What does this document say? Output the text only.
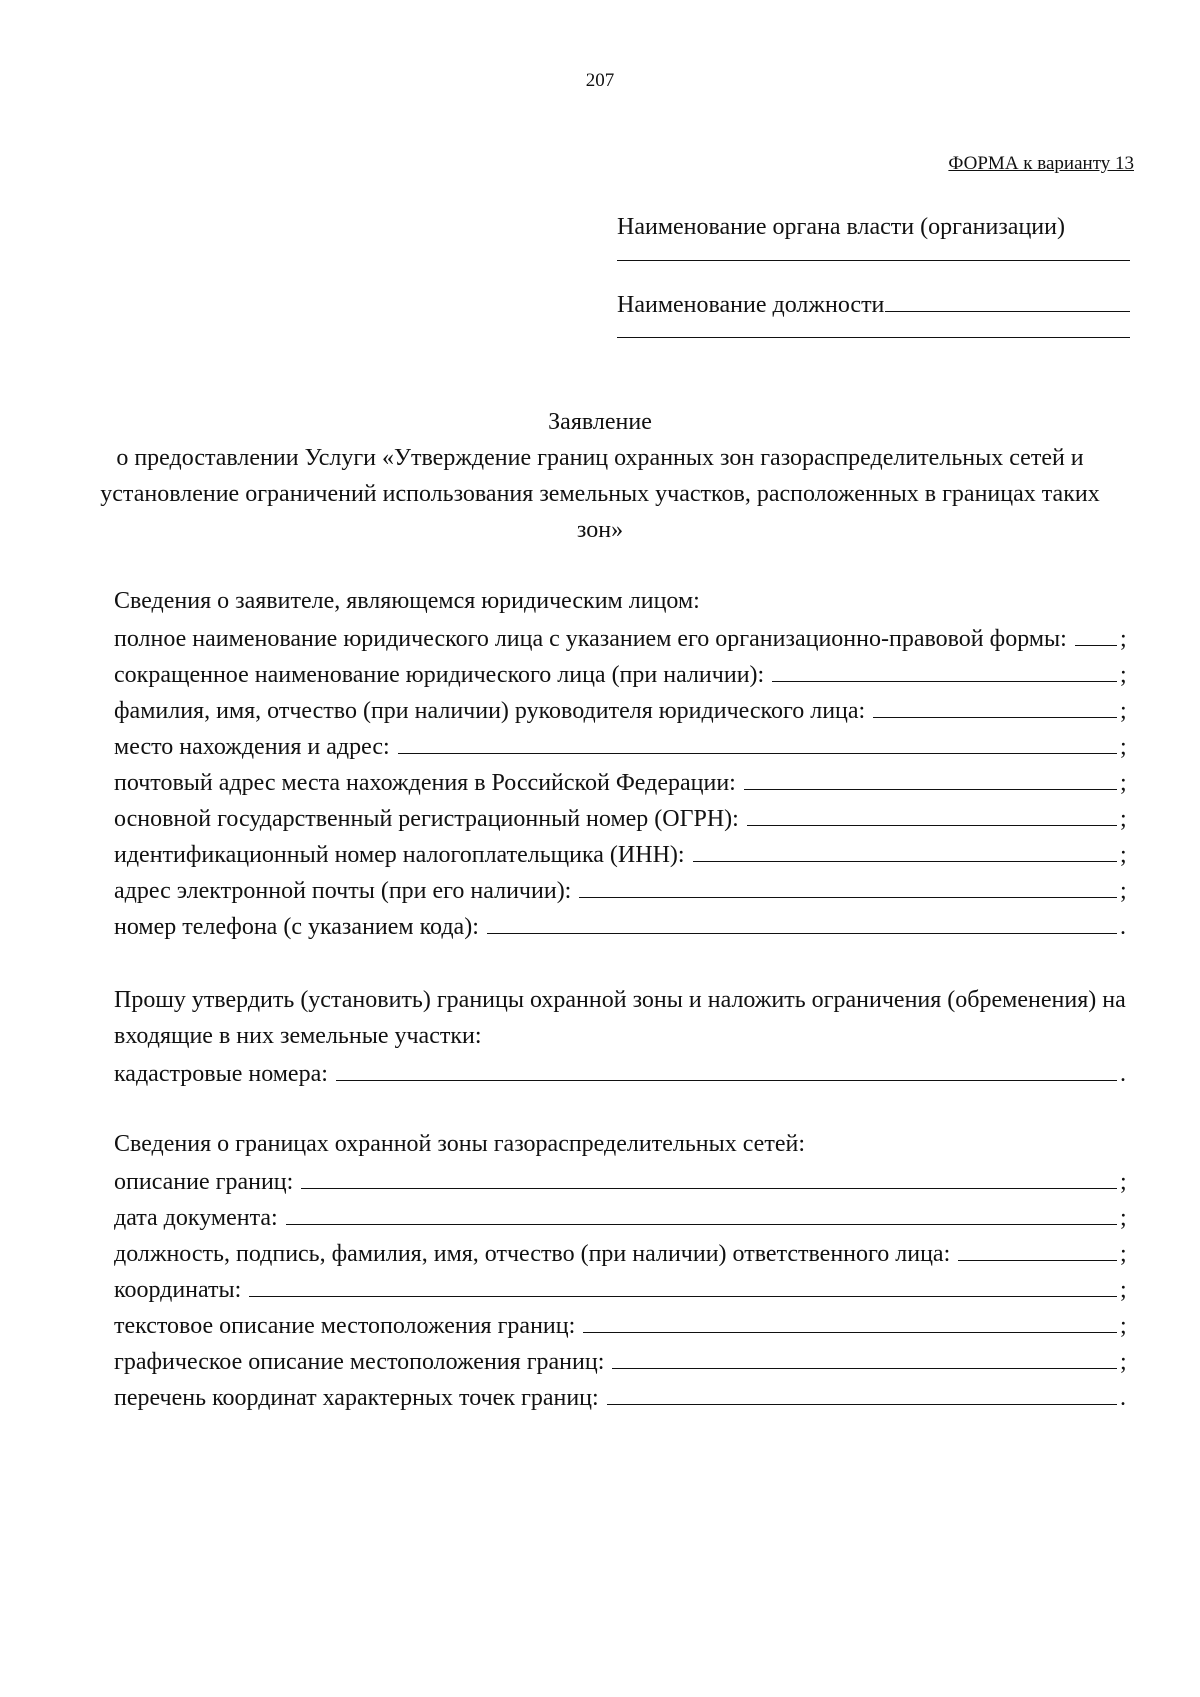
207
ФОРМА к варианту 13
Наименование органа власти (организации)
Наименование должности
Заявление
о предоставлении Услуги «Утверждение границ охранных зон газораспределительных сетей и установление ограничений использования земельных участков, расположенных в границах таких зон»
Сведения о заявителе, являющемся юридическим лицом:
полное наименование юридического лица с указанием его организационно-правовой формы: ;
сокращенное наименование юридического лица (при наличии):	;
фамилия, имя, отчество (при наличии) руководителя юридического лица:	;
место нахождения и адрес:	;
почтовый адрес места нахождения в Российской Федерации:	;
основной государственный регистрационный номер (ОГРН):	;
идентификационный номер налогоплательщика (ИНН):	;
адрес электронной почты (при его наличии):	;
номер телефона (с указанием кода):	.
Прошу утвердить (установить) границы охранной зоны и наложить ограничения (обременения) на входящие в них земельные участки:
кадастровые номера:	.
Сведения о границах охранной зоны газораспределительных сетей:
описание границ:	;
дата документа:	;
должность, подпись, фамилия, имя, отчество (при наличии) ответственного лица:	;
координаты:	;
текстовое описание местоположения границ:	;
графическое описание местоположения границ:	;
перечень координат характерных точек границ:	.
